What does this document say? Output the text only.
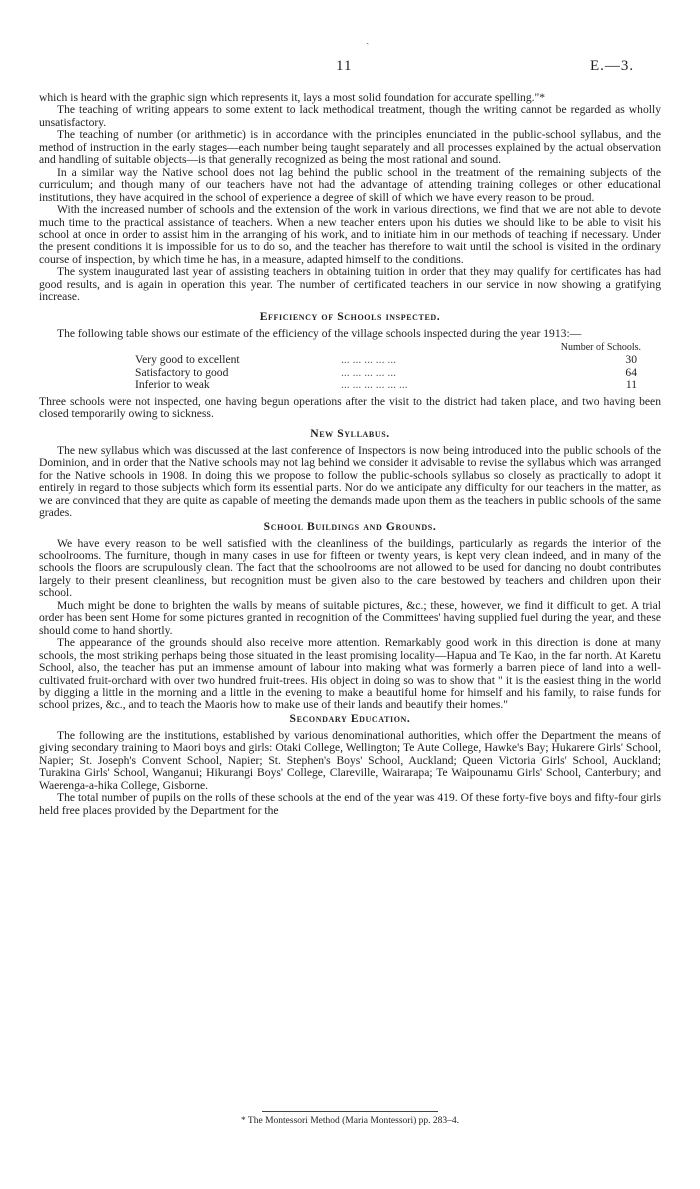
ˎ
11	E.—3.

which is heard with the graphic sign which represents it, lays a most solid foundation for accurate spelling."*

The teaching of writing appears to some extent to lack methodical treatment, though the writing cannot be regarded as wholly unsatisfactory.

The teaching of number (or arithmetic) is in accordance with the principles enunciated in the public-school syllabus, and the method of instruction in the early stages—each number being taught separately and all processes explained by the actual observation and handling of suitable objects—is that generally recognized as being the most rational and sound.

In a similar way the Native school does not lag behind the public school in the treatment of the remaining subjects of the curriculum; and though many of our teachers have not had the advantage of attending training colleges or other educational institutions, they have acquired in the school of experience a degree of skill of which we have every reason to be proud.

With the increased number of schools and the extension of the work in various directions, we find that we are not able to devote much time to the practical assistance of teachers. When a new teacher enters upon his duties we should like to be able to visit his school at once in order to assist him in the arranging of his work, and to initiate him in our methods of teaching if necessary. Under the present conditions it is impossible for us to do so, and the teacher has therefore to wait until the school is visited in the ordinary course of inspection, by which time he has, in a measure, adapted himself to the conditions.

The system inaugurated last year of assisting teachers in obtaining tuition in order that they may qualify for certificates has had good results, and is again in operation this year. The number of certificated teachers in our service in now showing a gratifying increase.

Efficiency of Schools inspected.

The following table shows our estimate of the efficiency of the village schools inspected during the year 1913:—

Number of Schools.
Very good to excellent	... ... ... ... ...	30
Satisfactory to good	... ... ... ... ...	64
Inferior to weak	... ... ... ... ... ...	11

Three schools were not inspected, one having begun operations after the visit to the district had taken place, and two having been closed temporarily owing to sickness.

New Syllabus.

The new syllabus which was discussed at the last conference of Inspectors is now being introduced into the public schools of the Dominion, and in order that the Native schools may not lag behind we consider it advisable to revise the syllabus which was arranged for the Native schools in 1908. In doing this we propose to follow the public-schools syllabus so closely as practically to adopt it entirely in regard to those subjects which form its essential parts. Nor do we anticipate any difficulty for our teachers in the matter, as we are convinced that they are quite as capable of meeting the demands made upon them as the teachers in public schools of the same grades.

School Buildings and Grounds.

We have every reason to be well satisfied with the cleanliness of the buildings, particularly as regards the interior of the schoolrooms. The furniture, though in many cases in use for fifteen or twenty years, is kept very clean indeed, and in many of the schools the floors are scrupulously clean. The fact that the schoolrooms are not allowed to be used for dancing no doubt contributes largely to their present cleanliness, but recognition must be given also to the care bestowed by teachers and children upon their school.

Much might be done to brighten the walls by means of suitable pictures, &c.; these, however, we find it difficult to get. A trial order has been sent Home for some pictures granted in recognition of the Committees' having supplied fuel during the year, and these should come to hand shortly.

The appearance of the grounds should also receive more attention. Remarkably good work in this direction is done at many schools, the most striking perhaps being those situated in the least promising locality—Hapua and Te Kao, in the far north. At Karetu School, also, the teacher has put an immense amount of labour into making what was formerly a barren piece of land into a well-cultivated fruit-orchard with over two hundred fruit-trees. His object in doing so was to show that " it is the easiest thing in the world by digging a little in the morning and a little in the evening to make a beautiful home for himself and his family, to raise funds for school prizes, &c., and to teach the Maoris how to make use of their lands and beautify their homes."

Secondary Education.

The following are the institutions, established by various denominational authorities, which offer the Department the means of giving secondary training to Maori boys and girls: Otaki College, Wellington; Te Aute College, Hawke's Bay; Hukarere Girls' School, Napier; St. Joseph's Convent School, Napier; St. Stephen's Boys' School, Auckland; Queen Victoria Girls' School, Auckland; Turakina Girls' School, Wanganui; Hikurangi Boys' College, Clareville, Wairarapa; Te Waipounamu Girls' School, Canterbury; and Waerenga-a-hika College, Gisborne.

The total number of pupils on the rolls of these schools at the end of the year was 419. Of these forty-five boys and fifty-four girls held free places provided by the Department for the

* The Montessori Method (Maria Montessori) pp. 283–4.
